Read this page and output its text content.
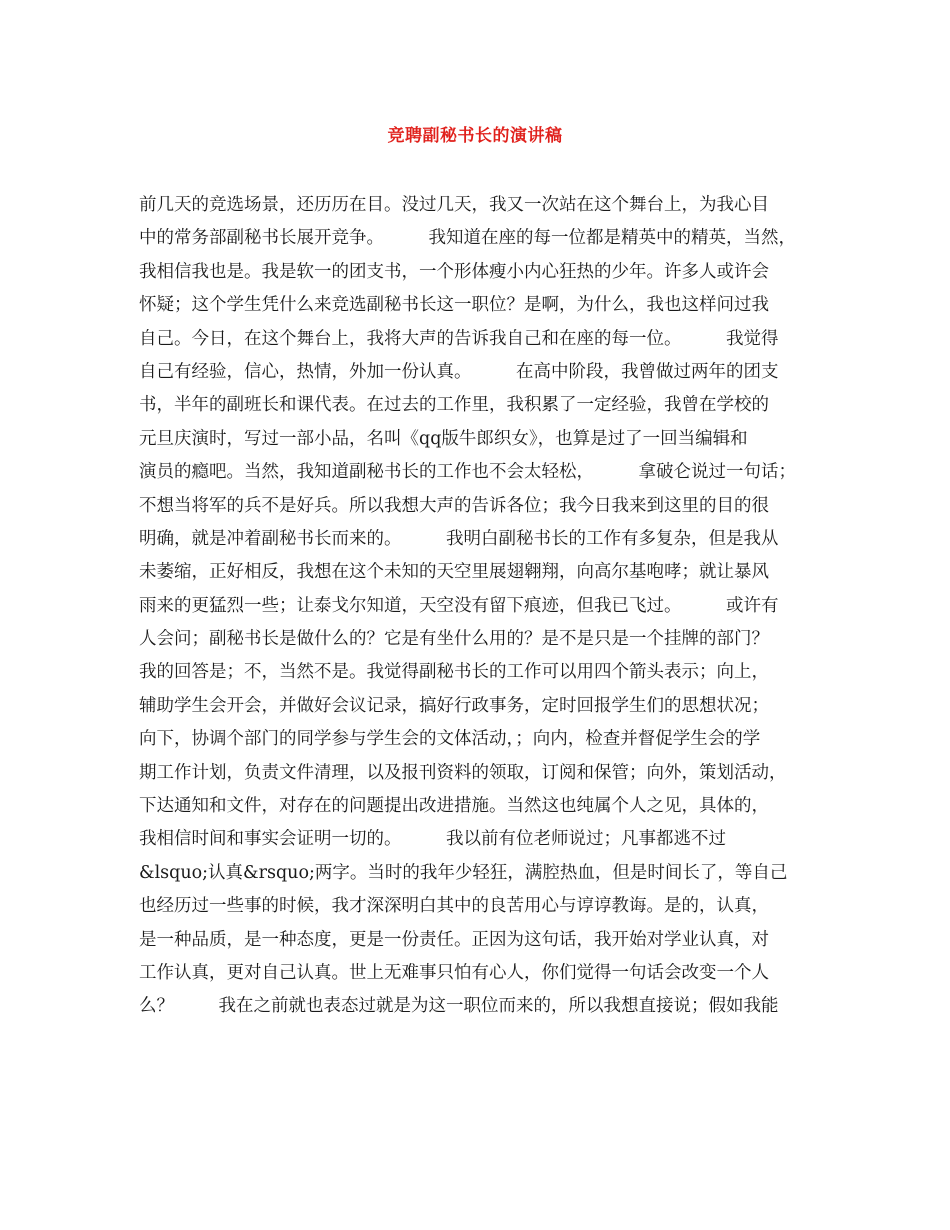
竞聘副秘书长的演讲稿
前几天的竞选场景，还历历在目。没过几天，我又一次站在这个舞台上，为我心目
中的常务部副秘书长展开竞争。        我知道在座的每一位都是精英中的精英，当然，
我相信我也是。我是软一的团支书，一个形体瘦小内心狂热的少年。许多人或许会
怀疑；这个学生凭什么来竞选副秘书长这一职位？是啊，为什么，我也这样问过我
自己。今日，在这个舞台上，我将大声的告诉我自己和在座的每一位。        我觉得
自己有经验，信心，热情，外加一份认真。        在高中阶段，我曾做过两年的团支
书，半年的副班长和课代表。在过去的工作里，我积累了一定经验，我曾在学校的
元旦庆演时，写过一部小品，名叫《qq版牛郎织女》，也算是过了一回当编辑和
演员的瘾吧。当然，我知道副秘书长的工作也不会太轻松，        拿破仑说过一句话；
不想当将军的兵不是好兵。所以我想大声的告诉各位；我今日我来到这里的目的很
明确，就是冲着副秘书长而来的。        我明白副秘书长的工作有多复杂，但是我从
未萎缩，正好相反，我想在这个未知的天空里展翅翱翔，向高尔基咆哮；就让暴风
雨来的更猛烈一些；让泰戈尔知道，天空没有留下痕迹，但我已飞过。        或许有
人会问；副秘书长是做什么的？它是有坐什么用的？是不是只是一个挂牌的部门？
我的回答是；不，当然不是。我觉得副秘书长的工作可以用四个箭头表示；向上，
辅助学生会开会，并做好会议记录，搞好行政事务，定时回报学生们的思想状况；
向下，协调个部门的同学参与学生会的文体活动，；向内，检查并督促学生会的学
期工作计划，负责文件清理，以及报刊资料的领取，订阅和保管；向外，策划活动，
下达通知和文件，对存在的问题提出改进措施。当然这也纯属个人之见，具体的，
我相信时间和事实会证明一切的。        我以前有位老师说过；凡事都逃不过
&lsquo;认真&rsquo;两字。当时的我年少轻狂，满腔热血，但是时间长了，等自己
也经历过一些事的时候，我才深深明白其中的良苦用心与谆谆教诲。是的，认真，
是一种品质，是一种态度，更是一份责任。正因为这句话，我开始对学业认真，对
工作认真，更对自己认真。世上无难事只怕有心人，你们觉得一句话会改变一个人
么？        我在之前就也表态过就是为这一职位而来的，所以我想直接说；假如我能
